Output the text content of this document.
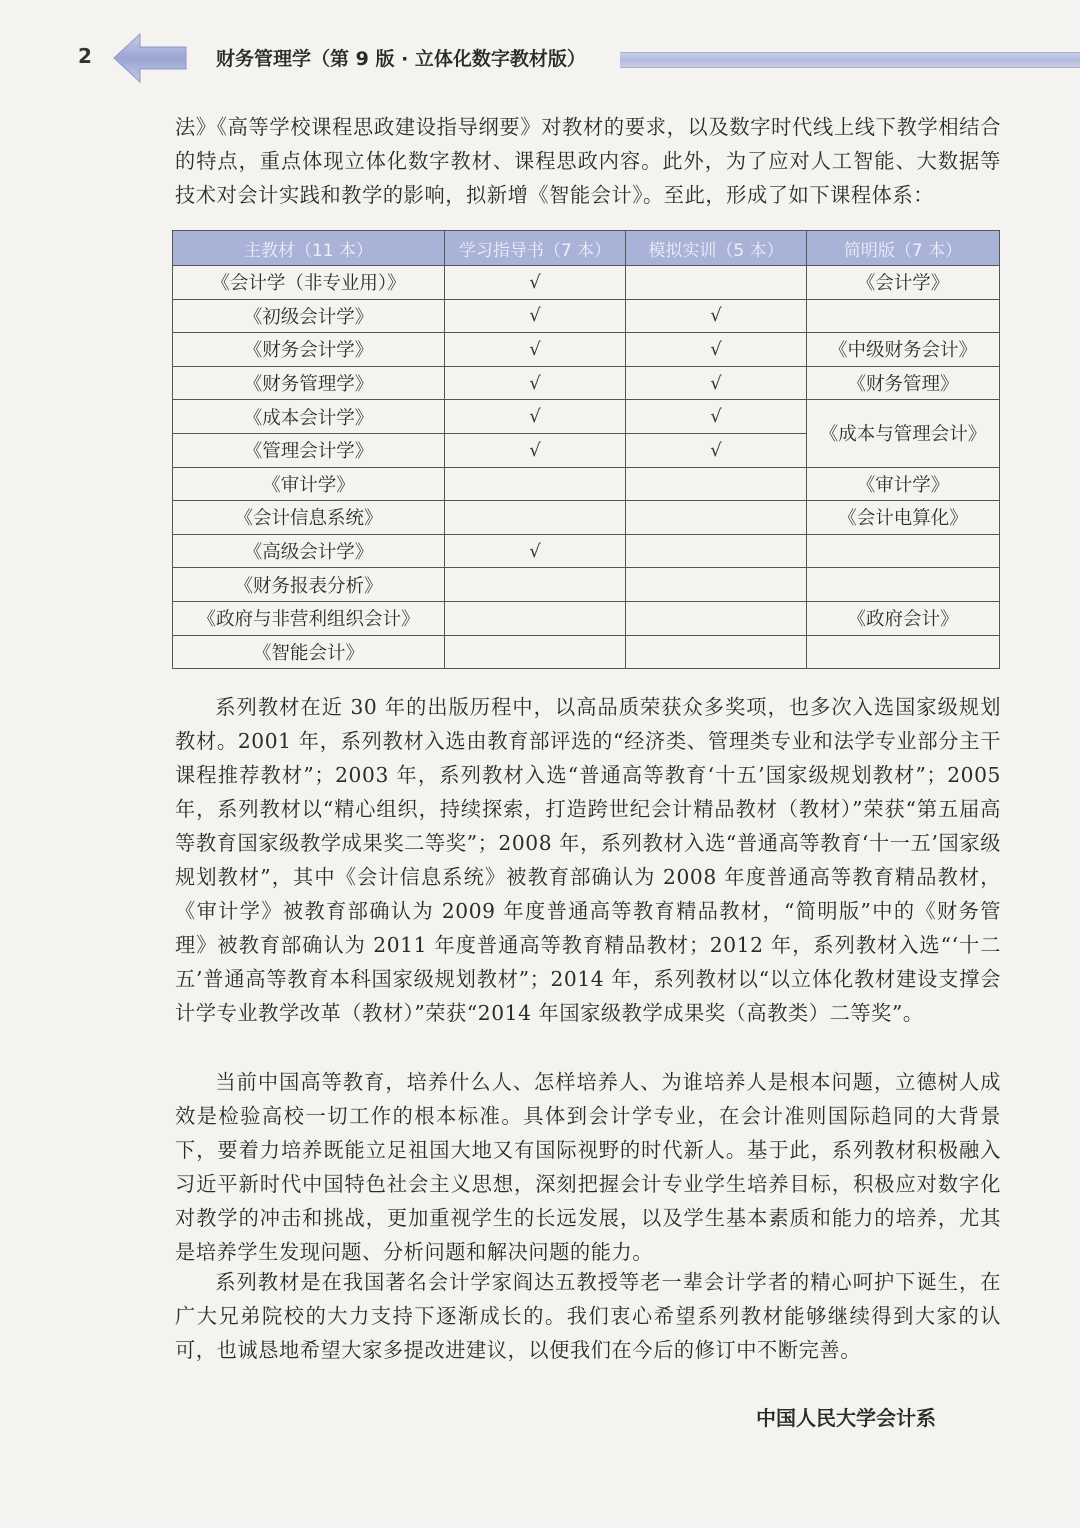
2	财务管理学（第 9 版 · 立体化数字教材版）

法》《高等学校课程思政建设指导纲要》对教材的要求，以及数字时代线上线下教学相结合的特点，重点体现立体化数字教材、课程思政内容。此外，为了应对人工智能、大数据等技术对会计实践和教学的影响，拟新增《智能会计》。至此，形成了如下课程体系：

主教材（11 本）	学习指导书（7 本）	模拟实训（5 本）	简明版（7 本）
《会计学（非专业用）》	√		《会计学》
《初级会计学》	√	√	
《财务会计学》	√	√	《中级财务会计》
《财务管理学》	√	√	《财务管理》
《成本会计学》	√	√	《成本与管理会计》
《管理会计学》	√	√	
《审计学》			《审计学》
《会计信息系统》			《会计电算化》
《高级会计学》	√		
《财务报表分析》			
《政府与非营利组织会计》			《政府会计》
《智能会计》			

系列教材在近 30 年的出版历程中，以高品质荣获众多奖项，也多次入选国家级规划教材。2001 年，系列教材入选由教育部评选的“经济类、管理类专业和法学专业部分主干课程推荐教材”；2003 年，系列教材入选“普通高等教育‘十五’国家级规划教材”；2005 年，系列教材以“精心组织，持续探索，打造跨世纪会计精品教材（教材）”荣获“第五届高等教育国家级教学成果奖二等奖”；2008 年，系列教材入选“普通高等教育‘十一五’国家级规划教材”，其中《会计信息系统》被教育部确认为 2008 年度普通高等教育精品教材，《审计学》被教育部确认为 2009 年度普通高等教育精品教材，“简明版”中的《财务管理》被教育部确认为 2011 年度普通高等教育精品教材；2012 年，系列教材入选“‘十二五’普通高等教育本科国家级规划教材”；2014 年，系列教材以“以立体化教材建设支撑会计学专业教学改革（教材）”荣获“2014 年国家级教学成果奖（高教类）二等奖”。

当前中国高等教育，培养什么人、怎样培养人、为谁培养人是根本问题，立德树人成效是检验高校一切工作的根本标准。具体到会计学专业，在会计准则国际趋同的大背景下，要着力培养既能立足祖国大地又有国际视野的时代新人。基于此，系列教材积极融入习近平新时代中国特色社会主义思想，深刻把握会计专业学生培养目标，积极应对数字化对教学的冲击和挑战，更加重视学生的长远发展，以及学生基本素质和能力的培养，尤其是培养学生发现问题、分析问题和解决问题的能力。

系列教材是在我国著名会计学家阎达五教授等老一辈会计学者的精心呵护下诞生，在广大兄弟院校的大力支持下逐渐成长的。我们衷心希望系列教材能够继续得到大家的认可，也诚恳地希望大家多提改进建议，以便我们在今后的修订中不断完善。

中国人民大学会计系
